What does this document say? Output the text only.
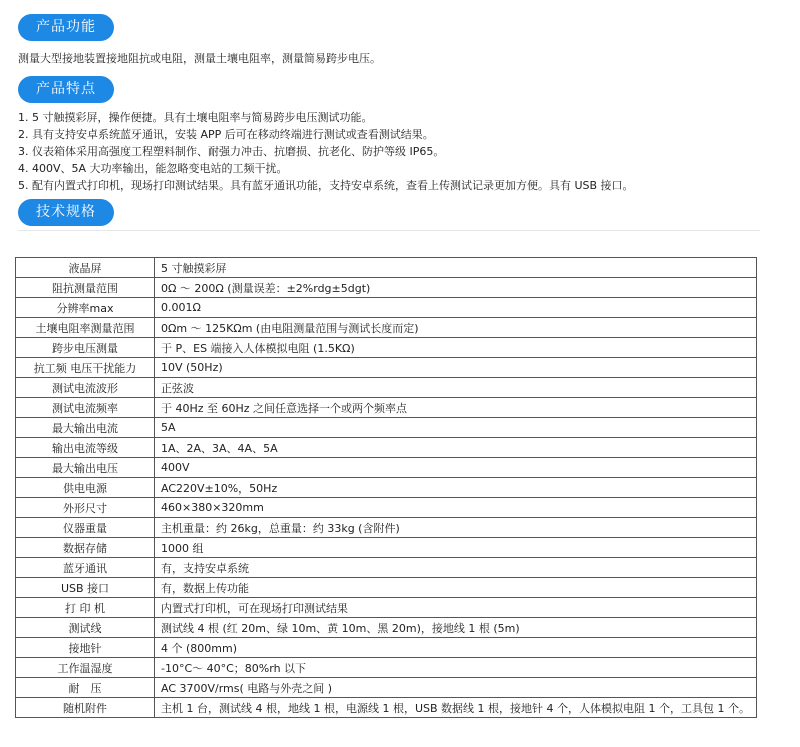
产品功能
测量大型接地装置接地阻抗或电阻，测量土壤电阻率，测量简易跨步电压。
产品特点
1. 5 寸触摸彩屏，操作便捷。具有土壤电阻率与简易跨步电压测试功能。
2. 具有支持安卓系统蓝牙通讯，安装 APP 后可在移动终端进行测试或查看测试结果。
3. 仪表箱体采用高强度工程塑料制作、耐强力冲击、抗磨损、抗老化、防护等级 IP65。
4. 400V、5A 大功率输出，能忽略变电站的工频干扰。
5. 配有内置式打印机，现场打印测试结果。具有蓝牙通讯功能，支持安卓系统，查看上传测试记录更加方便。具有 USB 接口。
技术规格
液晶屏	5 寸触摸彩屏
阻抗测量范围	0Ω ～ 200Ω (测量误差：±2%rdg±5dgt)
分辨率max	0.001Ω
土壤电阻率测量范围	0Ωm ～ 125KΩm (由电阻测量范围与测试长度而定)
跨步电压测量	于 P、ES 端接入人体模拟电阻 (1.5KΩ)
抗工频 电压干扰能力	10V (50Hz)
测试电流波形	正弦波
测试电流频率	于 40Hz 至 60Hz 之间任意选择一个或两个频率点
最大输出电流	5A
输出电流等级	1A、2A、3A、4A、5A
最大输出电压	400V
供电电源	AC220V±10%，50Hz
外形尺寸	460×380×320mm
仪器重量	主机重量：约 26kg，总重量：约 33kg (含附件)
数据存储	1000 组
蓝牙通讯	有，支持安卓系统
USB 接口	有，数据上传功能
打 印 机	内置式打印机，可在现场打印测试结果
测试线	测试线 4 根 (红 20m、绿 10m、黄 10m、黑 20m)，接地线 1 根 (5m)
接地针	4 个 (800mm)
工作温湿度	-10°C～ 40°C；80%rh 以下
耐　压	AC 3700V/rms( 电路与外壳之间 )
随机附件	主机 1 台，测试线 4 根，地线 1 根，电源线 1 根，USB 数据线 1 根，接地针 4 个，人体模拟电阻 1 个，工具包 1 个。
